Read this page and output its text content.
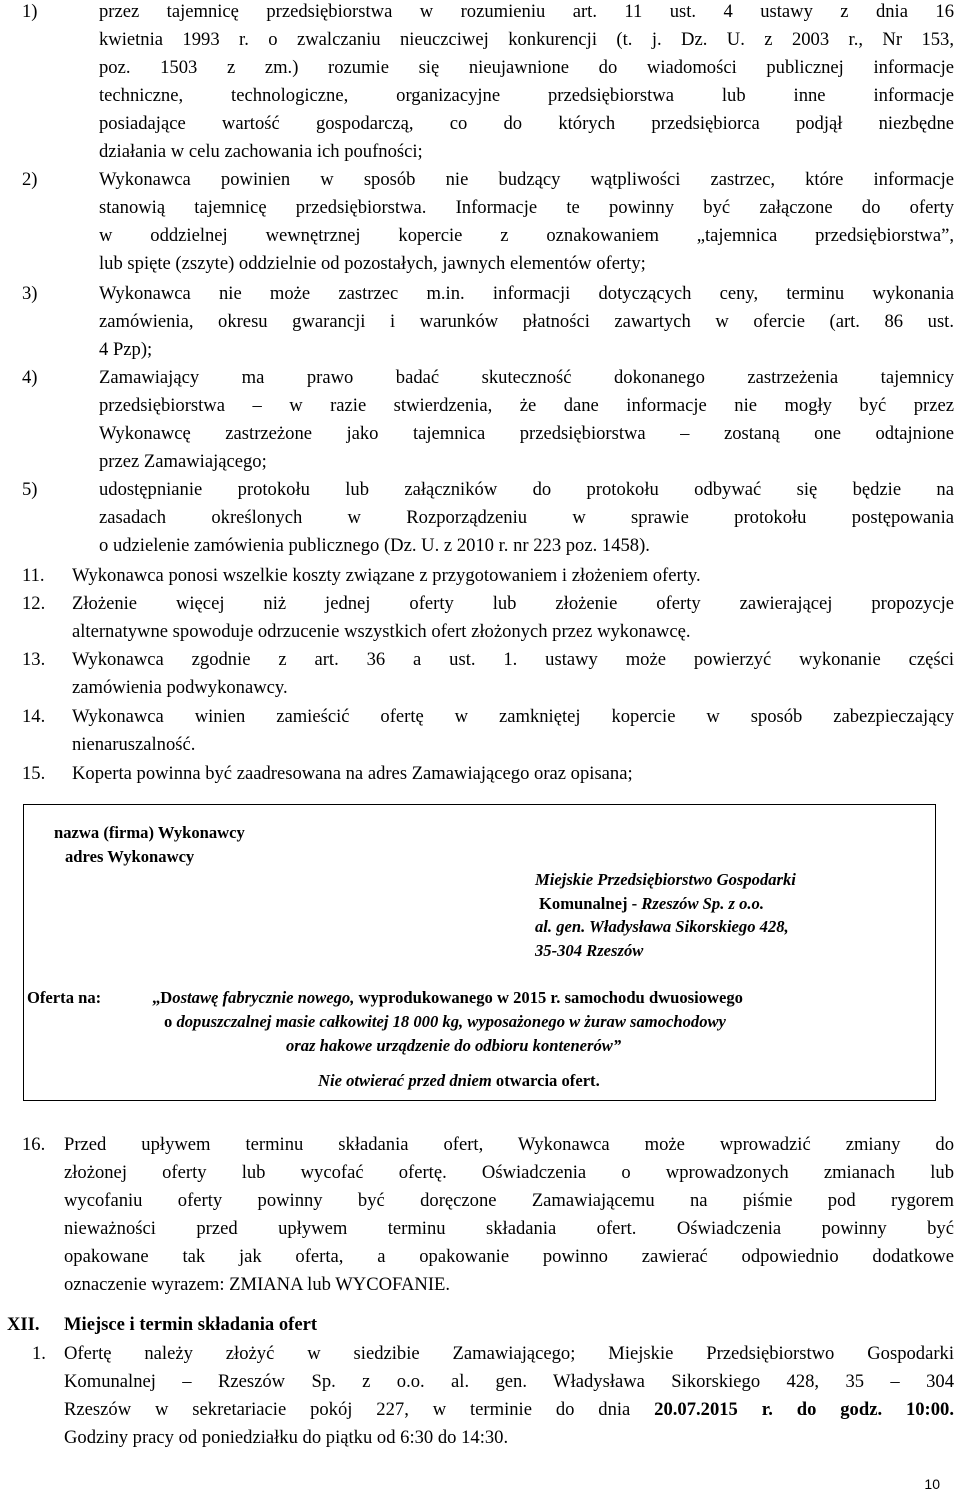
1)	przez tajemnicę przedsiębiorstwa w rozumieniu art. 11 ust. 4 ustawy z dnia 16
kwietnia 1993 r. o zwalczaniu nieuczciwej konkurencji (t. j. Dz. U. z 2003 r., Nr 153,
poz. 1503 z zm.) rozumie się nieujawnione do wiadomości publicznej informacje
techniczne, technologiczne, organizacyjne przedsiębiorstwa lub inne informacje
posiadające wartość gospodarczą, co do których przedsiębiorca podjął niezbędne
działania w celu zachowania ich poufności;
2)	Wykonawca powinien w sposób nie budzący wątpliwości zastrzec, które informacje
stanowią tajemnicę przedsiębiorstwa. Informacje te powinny być załączone do oferty
w oddzielnej wewnętrznej kopercie z oznakowaniem „tajemnica przedsiębiorstwa”,
lub spięte (zszyte) oddzielnie od pozostałych, jawnych elementów oferty;
3)	Wykonawca nie może zastrzec m.in. informacji dotyczących ceny, terminu wykonania
zamówienia, okresu gwarancji i warunków płatności zawartych w ofercie (art. 86 ust.
4 Pzp);
4)	Zamawiający ma prawo badać skuteczność dokonanego zastrzeżenia tajemnicy
przedsiębiorstwa – w razie stwierdzenia, że dane informacje nie mogły być przez
Wykonawcę zastrzeżone jako tajemnica przedsiębiorstwa – zostaną one odtajnione
przez Zamawiającego;
5)	udostępnianie protokołu lub załączników do protokołu odbywać się będzie na
zasadach określonych w Rozporządzeniu w sprawie protokołu postępowania
o udzielenie zamówienia publicznego (Dz. U. z 2010 r. nr 223 poz. 1458).
11. Wykonawca ponosi wszelkie koszty związane z przygotowaniem i złożeniem oferty.
12. Złożenie więcej niż jednej oferty lub złożenie oferty zawierającej propozycje
alternatywne spowoduje odrzucenie wszystkich ofert złożonych przez wykonawcę.
13. Wykonawca zgodnie z art. 36 a ust. 1. ustawy może powierzyć wykonanie części
zamówienia podwykonawcy.
14. Wykonawca winien zamieścić ofertę w zamkniętej kopercie w sposób zabezpieczający
nienaruszalność.
15. Koperta powinna być zaadresowana na adres Zamawiającego oraz opisana;
nazwa (firma) Wykonawcy
adres Wykonawcy
Miejskie Przedsiębiorstwo Gospodarki
Komunalnej - Rzeszów Sp. z o.o.
al. gen. Władysława Sikorskiego 428,
35-304 Rzeszów
Oferta na:	„Dostawę fabrycznie nowego, wyprodukowanego w 2015 r. samochodu dwuosiowego
o dopuszczalnej masie całkowitej 18 000 kg, wyposażonego w żuraw samochodowy
oraz hakowe urządzenie do odbioru kontenerów”
Nie otwierać przed dniem otwarcia ofert.
16. Przed upływem terminu składania ofert, Wykonawca może wprowadzić zmiany do
złożonej oferty lub wycofać ofertę. Oświadczenia o wprowadzonych zmianach lub
wycofaniu oferty powinny być doręczone Zamawiającemu na piśmie pod rygorem
nieważności przed upływem terminu składania ofert. Oświadczenia powinny być
opakowane tak jak oferta, a opakowanie powinno zawierać odpowiednio dodatkowe
oznaczenie wyrazem: ZMIANA lub WYCOFANIE.
XII. Miejsce i termin składania ofert
1. Ofertę należy złożyć w siedzibie Zamawiającego; Miejskie Przedsiębiorstwo Gospodarki
Komunalnej – Rzeszów Sp. z o.o. al. gen. Władysława Sikorskiego 428, 35 – 304
Rzeszów w sekretariacie pokój 227, w terminie do dnia 20.07.2015 r. do godz. 10:00.
Godziny pracy od poniedziałku do piątku od 6:30 do 14:30.
10
